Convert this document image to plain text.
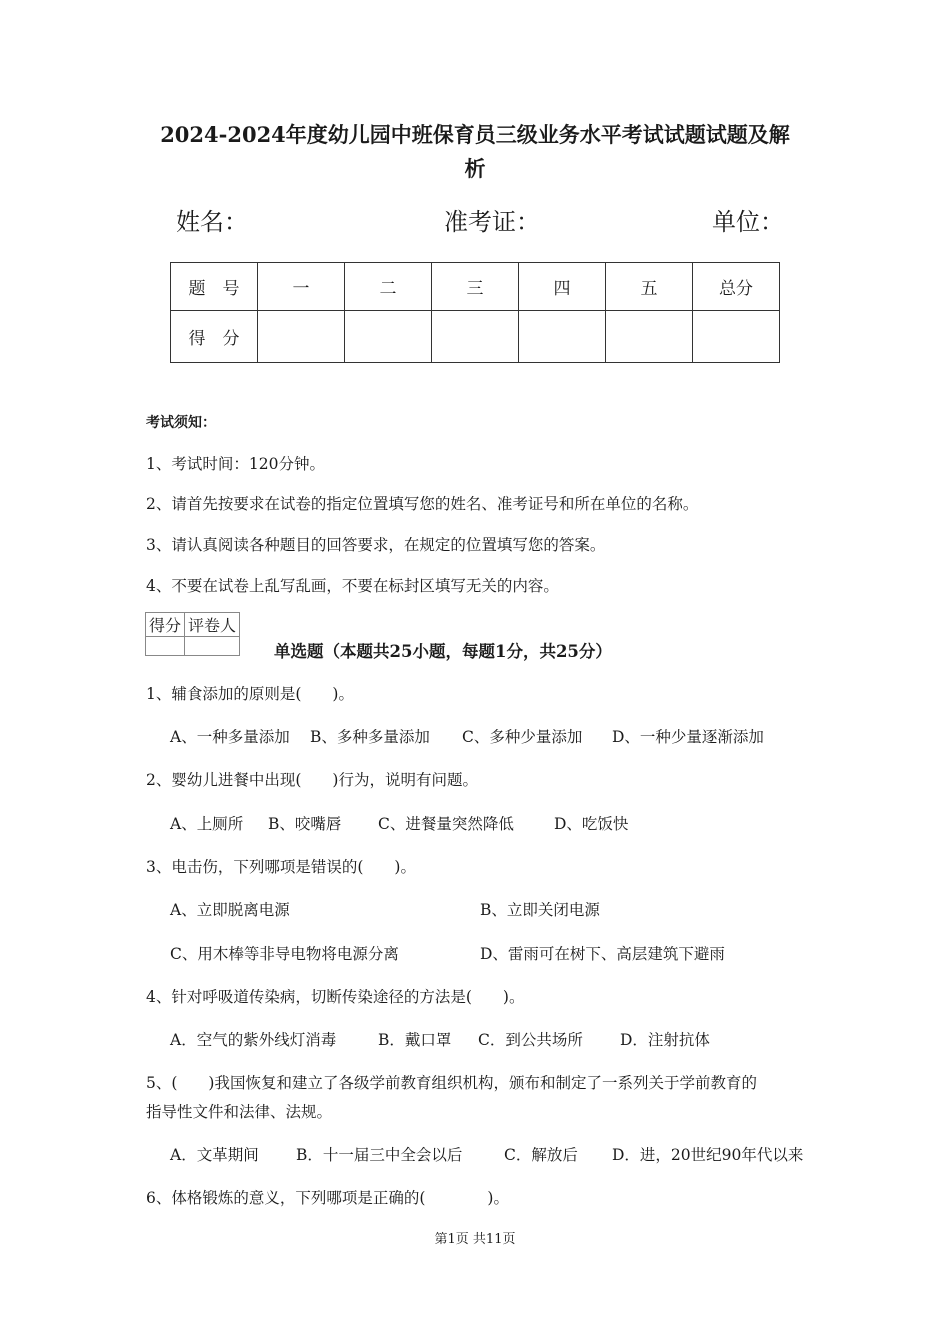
2024-2024年度幼儿园中班保育员三级业务水平考试试题试题及解
析
姓名：	准考证：	单位：
题　号	一	二	三	四	五	总分
得　分						
考试须知：
1、考试时间：120分钟。
2、请首先按要求在试卷的指定位置填写您的姓名、准考证号和所在单位的名称。
3、请认真阅读各种题目的回答要求，在规定的位置填写您的答案。
4、不要在试卷上乱写乱画，不要在标封区填写无关的内容。
得分	评卷人

单选题（本题共25小题，每题1分，共25分）
1、辅食添加的原则是(　　)。
A、一种多量添加 B、多种多量添加 C、多种少量添加 D、一种少量逐渐添加
2、婴幼儿进餐中出现(　　)行为，说明有问题。
A、上厕所 B、咬嘴唇 C、进餐量突然降低	D、吃饭快
3、电击伤，下列哪项是错误的(　　)。
A、立即脱离电源	B、立即关闭电源
C、用木棒等非导电物将电源分离	D、雷雨可在树下、高层建筑下避雨
4、针对呼吸道传染病，切断传染途径的方法是(　　)。
A．空气的紫外线灯消毒	B．戴口罩 C．到公共场所 D．注射抗体
5、(　　)我国恢复和建立了各级学前教育组织机构，颁布和制定了一系列关于学前教育的
指导性文件和法律、法规。
A．文革期间 B．十一届三中全会以后	C．解放后 D．进，20世纪90年代以来
6、体格锻炼的意义，下列哪项是正确的(　　　　)。
第1页 共11页
